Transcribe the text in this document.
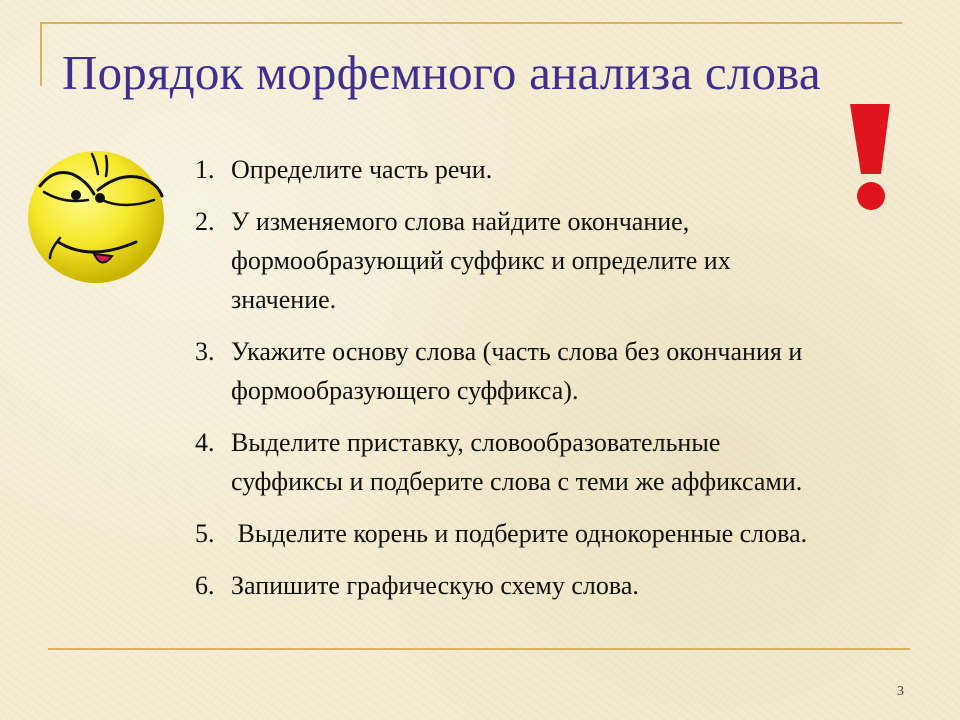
Порядок морфемного анализа слова
1. Определите часть речи.
2. У изменяемого слова найдите окончание,
формообразующий суффикс и определите их
значение.
3. Укажите основу слова (часть слова без окончания и
формообразующего суффикса).
4. Выделите приставку, словообразовательные
суффиксы и подберите слова с теми же аффиксами.
5. Выделите корень и подберите однокоренные слова.
6. Запишите графическую схему слова.
3
